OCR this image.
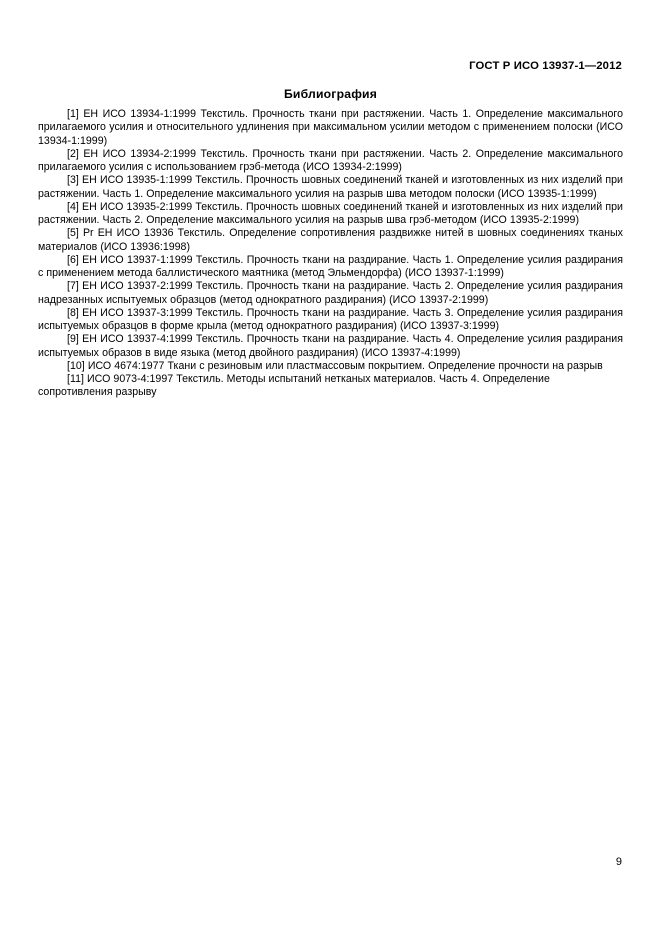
ГОСТ Р ИСО 13937-1—2012
Библиография

[1] ЕН ИСО 13934-1:1999 Текстиль. Прочность ткани при растяжении. Часть 1. Определение максимального прилагаемого усилия и относительного удлинения при максимальном усилии методом с применением полоски (ИСО 13934-1:1999)

[2] ЕН ИСО 13934-2:1999 Текстиль. Прочность ткани при растяжении. Часть 2. Определение максимального прилагаемого усилия с использованием грэб-метода (ИСО 13934-2:1999)

[3] ЕН ИСО 13935-1:1999 Текстиль. Прочность шовных соединений тканей и изготовленных из них изделий при растяжении. Часть 1. Определение максимального усилия на разрыв шва методом полоски (ИСО 13935-1:1999)

[4] ЕН ИСО 13935-2:1999 Текстиль. Прочность шовных соединений тканей и изготовленных из них изделий при растяжении. Часть 2. Определение максимального усилия на разрыв шва грэб-методом (ИСО 13935-2:1999)

[5] Pr ЕН ИСО 13936 Текстиль. Определение сопротивления раздвижке нитей в шовных соединениях тканых материалов (ИСО 13936:1998)

[6] ЕН ИСО 13937-1:1999 Текстиль. Прочность ткани на раздирание. Часть 1. Определение усилия раздирания с применением метода баллистического маятника (метод Эльмендорфа) (ИСО 13937-1:1999)

[7] ЕН ИСО 13937-2:1999 Текстиль. Прочность ткани на раздирание. Часть 2. Определение усилия раздирания надрезанных испытуемых образцов (метод однократного раздирания) (ИСО 13937-2:1999)

[8] ЕН ИСО 13937-3:1999 Текстиль. Прочность ткани на раздирание. Часть 3. Определение усилия раздирания испытуемых образцов в форме крыла (метод однократного раздирания) (ИСО 13937-3:1999)

[9] ЕН ИСО 13937-4:1999 Текстиль. Прочность ткани на раздирание. Часть 4. Определение усилия раздирания испытуемых образов в виде языка (метод двойного раздирания) (ИСО 13937-4:1999)

[10] ИСО 4674:1977 Ткани с резиновым или пластмассовым покрытием. Определение прочности на разрыв

[11] ИСО 9073-4:1997 Текстиль. Методы испытаний нетканых материалов. Часть 4. Определение сопротивления разрыву

9
